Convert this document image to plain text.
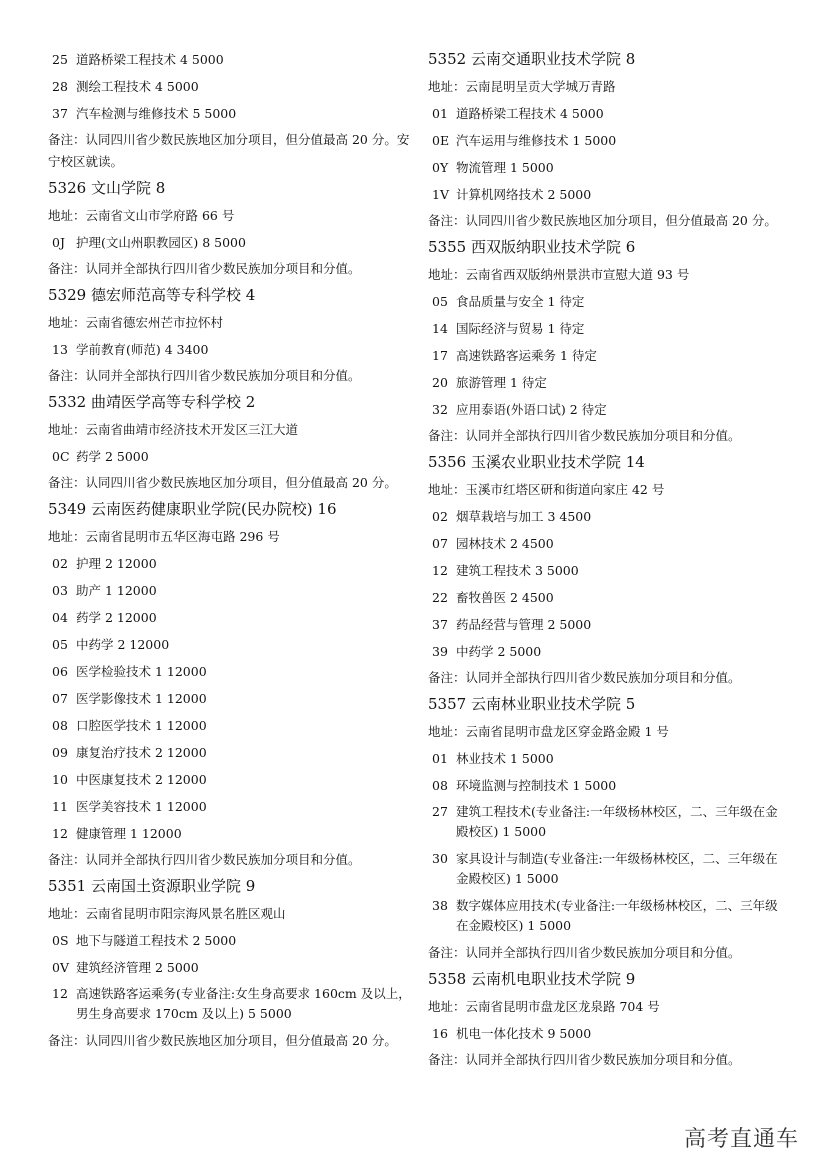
25 道路桥梁工程技术 4 5000
28 测绘工程技术 4 5000
37 汽车检测与维修技术 5 5000
备注：认同四川省少数民族地区加分项目，但分值最高 20 分。安宁校区就读。
5326 文山学院 8
地址：云南省文山市学府路 66 号
0J 护理(文山州职教园区) 8 5000
备注：认同并全部执行四川省少数民族加分项目和分值。
5329 德宏师范高等专科学校 4
地址：云南省德宏州芒市拉怀村
13 学前教育(师范) 4 3400
备注：认同并全部执行四川省少数民族加分项目和分值。
5332 曲靖医学高等专科学校 2
地址：云南省曲靖市经济技术开发区三江大道
0C 药学 2 5000
备注：认同四川省少数民族地区加分项目，但分值最高 20 分。
5349 云南医药健康职业学院(民办院校) 16
地址：云南省昆明市五华区海屯路 296 号
02 护理 2 12000
03 助产 1 12000
04 药学 2 12000
05 中药学 2 12000
06 医学检验技术 1 12000
07 医学影像技术 1 12000
08 口腔医学技术 1 12000
09 康复治疗技术 2 12000
10 中医康复技术 2 12000
11 医学美容技术 1 12000
12 健康管理 1 12000
备注：认同并全部执行四川省少数民族加分项目和分值。
5351 云南国土资源职业学院 9
地址：云南省昆明市阳宗海风景名胜区观山
0S 地下与隧道工程技术 2 5000
0V 建筑经济管理 2 5000
12 高速铁路客运乘务(专业备注:女生身高要求 160cm 及以上，男生身高要求 170cm 及以上) 5 5000
备注：认同四川省少数民族地区加分项目，但分值最高 20 分。
5352 云南交通职业技术学院 8
地址：云南昆明呈贡大学城万青路
01 道路桥梁工程技术 4 5000
0E 汽车运用与维修技术 1 5000
0Y 物流管理 1 5000
1V 计算机网络技术 2 5000
备注：认同四川省少数民族地区加分项目，但分值最高 20 分。
5355 西双版纳职业技术学院 6
地址：云南省西双版纳州景洪市宣慰大道 93 号
05 食品质量与安全 1 待定
14 国际经济与贸易 1 待定
17 高速铁路客运乘务 1 待定
20 旅游管理 1 待定
32 应用泰语(外语口试) 2 待定
备注：认同并全部执行四川省少数民族加分项目和分值。
5356 玉溪农业职业技术学院 14
地址：玉溪市红塔区研和街道向家庄 42 号
02 烟草栽培与加工 3 4500
07 园林技术 2 4500
12 建筑工程技术 3 5000
22 畜牧兽医 2 4500
37 药品经营与管理 2 5000
39 中药学 2 5000
备注：认同并全部执行四川省少数民族加分项目和分值。
5357 云南林业职业技术学院 5
地址：云南省昆明市盘龙区穿金路金殿 1 号
01 林业技术 1 5000
08 环境监测与控制技术 1 5000
27 建筑工程技术(专业备注:一年级杨林校区，二、三年级在金殿校区) 1 5000
30 家具设计与制造(专业备注:一年级杨林校区，二、三年级在金殿校区) 1 5000
38 数字媒体应用技术(专业备注:一年级杨林校区，二、三年级在金殿校区) 1 5000
备注：认同并全部执行四川省少数民族加分项目和分值。
5358 云南机电职业技术学院 9
地址：云南省昆明市盘龙区龙泉路 704 号
16 机电一体化技术 9 5000
备注：认同并全部执行四川省少数民族加分项目和分值。
高考直通车
